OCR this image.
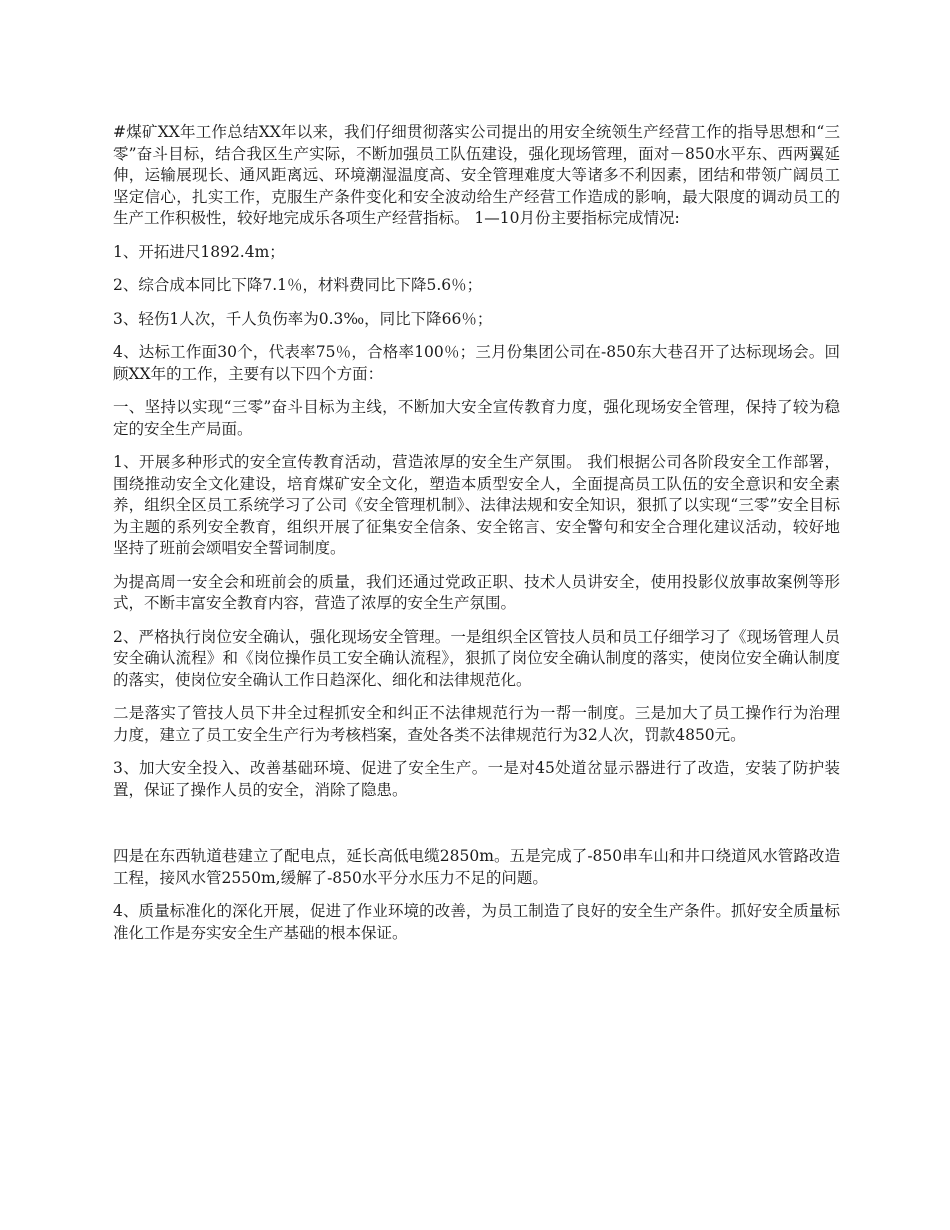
#煤矿XX年工作总结XX年以来，我们仔细贯彻落实公司提出的用安全统领生产经营工作的指导思想和“三零”奋斗目标，结合我区生产实际，不断加强员工队伍建设，强化现场管理，面对－850水平东、西两翼延伸，运输展现长、通风距离远、环境潮湿温度高、安全管理难度大等诸多不利因素，团结和带领广阔员工坚定信心，扎实工作，克服生产条件变化和安全波动给生产经营工作造成的影响，最大限度的调动员工的生产工作积极性，较好地完成乐各项生产经营指标。 1—10月份主要指标完成情况:

1、开拓进尺1892.4m；

2、综合成本同比下降7.1％，材料费同比下降5.6％；

3、轻伤1人次，千人负伤率为0.3‰，同比下降66％；

4、达标工作面30个，代表率75％，合格率100％；三月份集团公司在-850东大巷召开了达标现场会。回顾XX年的工作，主要有以下四个方面：

一、坚持以实现“三零”奋斗目标为主线，不断加大安全宣传教育力度，强化现场安全管理，保持了较为稳定的安全生产局面。

1、开展多种形式的安全宣传教育活动，营造浓厚的安全生产氛围。 我们根据公司各阶段安全工作部署，围绕推动安全文化建设，培育煤矿安全文化，塑造本质型安全人，全面提高员工队伍的安全意识和安全素养，组织全区员工系统学习了公司《安全管理机制》、法律法规和安全知识，狠抓了以实现“三零”安全目标为主题的系列安全教育，组织开展了征集安全信条、安全铭言、安全警句和安全合理化建议活动，较好地坚持了班前会颂唱安全誓词制度。

为提高周一安全会和班前会的质量，我们还通过党政正职、技术人员讲安全，使用投影仪放事故案例等形式，不断丰富安全教育内容，营造了浓厚的安全生产氛围。

2、严格执行岗位安全确认，强化现场安全管理。一是组织全区管技人员和员工仔细学习了《现场管理人员安全确认流程》和《岗位操作员工安全确认流程》，狠抓了岗位安全确认制度的落实，使岗位安全确认制度的落实，使岗位安全确认工作日趋深化、细化和法律规范化。

二是落实了管技人员下井全过程抓安全和纠正不法律规范行为一帮一制度。三是加大了员工操作行为治理力度，建立了员工安全生产行为考核档案，查处各类不法律规范行为32人次，罚款4850元。

3、加大安全投入、改善基础环境、促进了安全生产。一是对45处道岔显示器进行了改造，安装了防护装置，保证了操作人员的安全，消除了隐患。

四是在东西轨道巷建立了配电点，延长高低电缆2850m。五是完成了-850串车山和井口绕道风水管路改造工程，接风水管2550m,缓解了-850水平分水压力不足的问题。

4、质量标准化的深化开展，促进了作业环境的改善，为员工制造了良好的安全生产条件。抓好安全质量标准化工作是夯实安全生产基础的根本保证。
